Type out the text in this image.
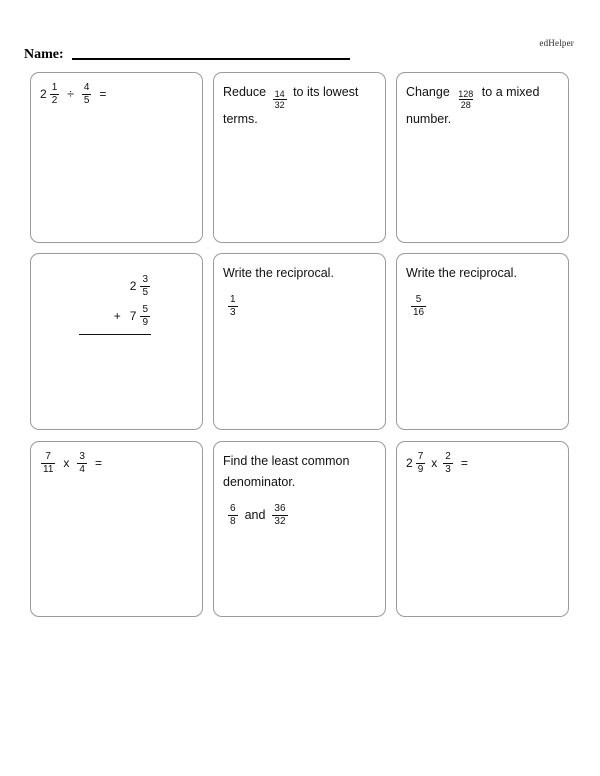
edHelper
Name:
$2 \frac{1}{2} \div \frac{4}{5}$ =	Reduce $\frac{14}{32}$ to its lowest terms.
Change $\frac{128}{28}$ to a mixed number.
$2 \frac{3}{5}$
+ $7 \frac{5}{9}$
Write the reciprocal.
$\frac{1}{3}$
Write the reciprocal.
$\frac{5}{16}$
$\frac{7}{11}$ x $\frac{3}{4}$ =	Find the least common denominator.
$\frac{6}{8}$ and $\frac{36}{32}$
$2 \frac{7}{9}$ x $\frac{2}{3}$ =
